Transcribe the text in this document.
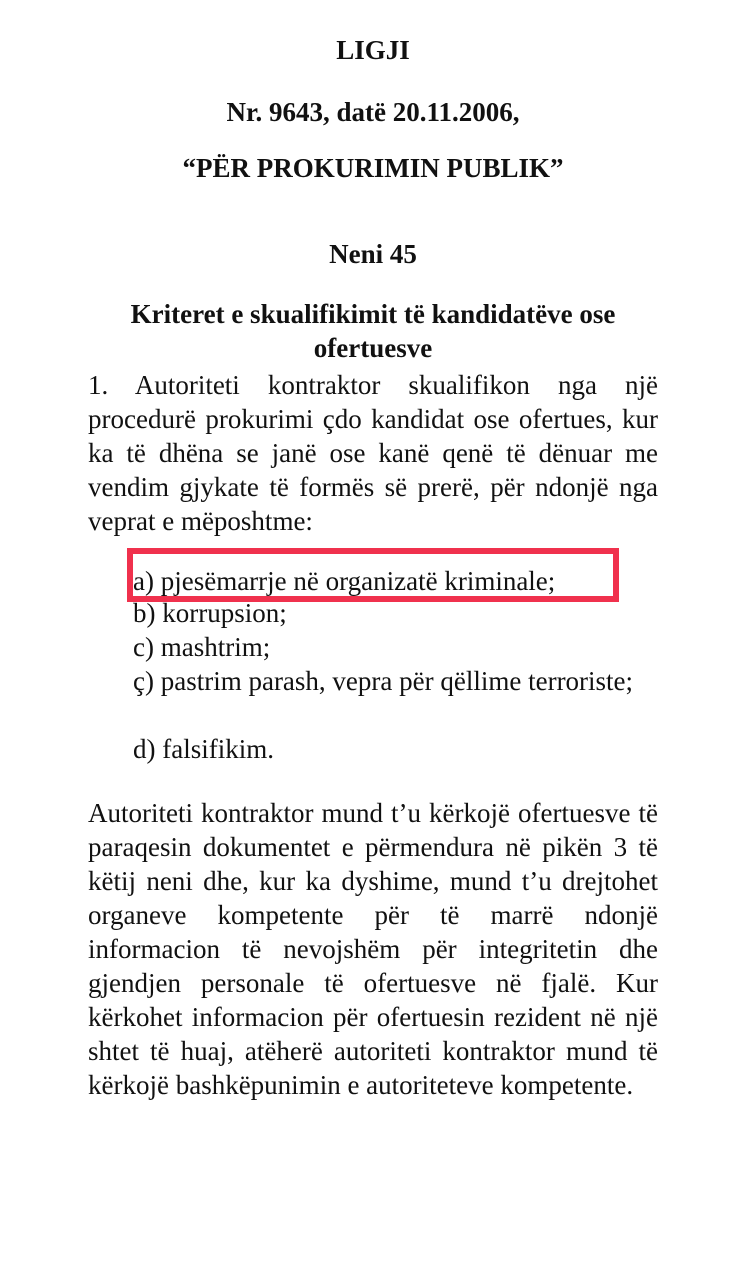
LIGJI
Nr. 9643, datë 20.11.2006,
“PËR PROKURIMIN PUBLIK”
Neni 45
Kriteret e skualifikimit të kandidatëve ose ofertuesve
1. Autoriteti kontraktor skualifikon nga një procedurë prokurimi çdo kandidat ose ofertues, kur ka të dhëna se janë ose kanë qenë të dënuar me vendim gjykate të formës së prerë, për ndonjë nga veprat e mëposhtme:
a) pjesëmarrje në organizatë kriminale;
b) korrupsion;
c) mashtrim;
ç) pastrim parash, vepra për qëllime terroriste;
d) falsifikim.
Autoriteti kontraktor mund t’u kërkojë ofertuesve të paraqesin dokumentet e përmendura në pikën 3 të këtij neni dhe, kur ka dyshime, mund t’u drejtohet organeve kompetente për të marrë ndonjë informacion të nevojshëm për integritetin dhe gjendjen personale të ofertuesve në fjalë. Kur kërkohet informacion për ofertuesin rezident në një shtet të huaj, atëherë autoriteti kontraktor mund të kërkojë bashkëpunimin e autoriteteve kompetente.
